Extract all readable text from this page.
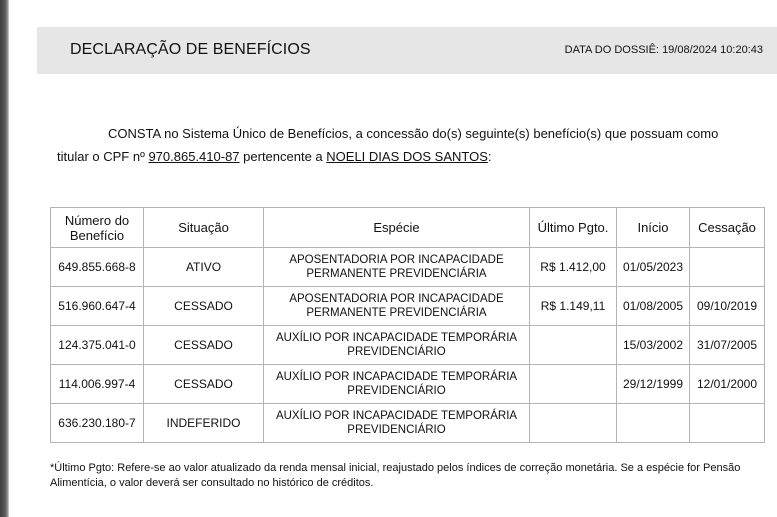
DECLARAÇÃO DE BENEFÍCIOS	DATA DO DOSSIÊ: 19/08/2024 10:20:43
CONSTA no Sistema Único de Benefícios, a concessão do(s) seguinte(s) benefício(s) que possuam como titular o CPF nº 970.865.410-87 pertencente a NOELI DIAS DOS SANTOS:
Número do Benefício	Situação	Espécie	Último Pgto.	Início	Cessação
649.855.668-8	ATIVO	APOSENTADORIA POR INCAPACIDADE PERMANENTE PREVIDENCIÁRIA	R$ 1.412,00	01/05/2023	
516.960.647-4	CESSADO	APOSENTADORIA POR INCAPACIDADE PERMANENTE PREVIDENCIÁRIA	R$ 1.149,11	01/08/2005	09/10/2019
124.375.041-0	CESSADO	AUXÍLIO POR INCAPACIDADE TEMPORÁRIA PREVIDENCIÁRIO		15/03/2002	31/07/2005
114.006.997-4	CESSADO	AUXÍLIO POR INCAPACIDADE TEMPORÁRIA PREVIDENCIÁRIO		29/12/1999	12/01/2000
636.230.180-7	INDEFERIDO	AUXÍLIO POR INCAPACIDADE TEMPORÁRIA PREVIDENCIÁRIO			
*Último Pgto: Refere-se ao valor atualizado da renda mensal inicial, reajustado pelos índices de correção monetária. Se a espécie for Pensão Alimentícia, o valor deverá ser consultado no histórico de créditos.
